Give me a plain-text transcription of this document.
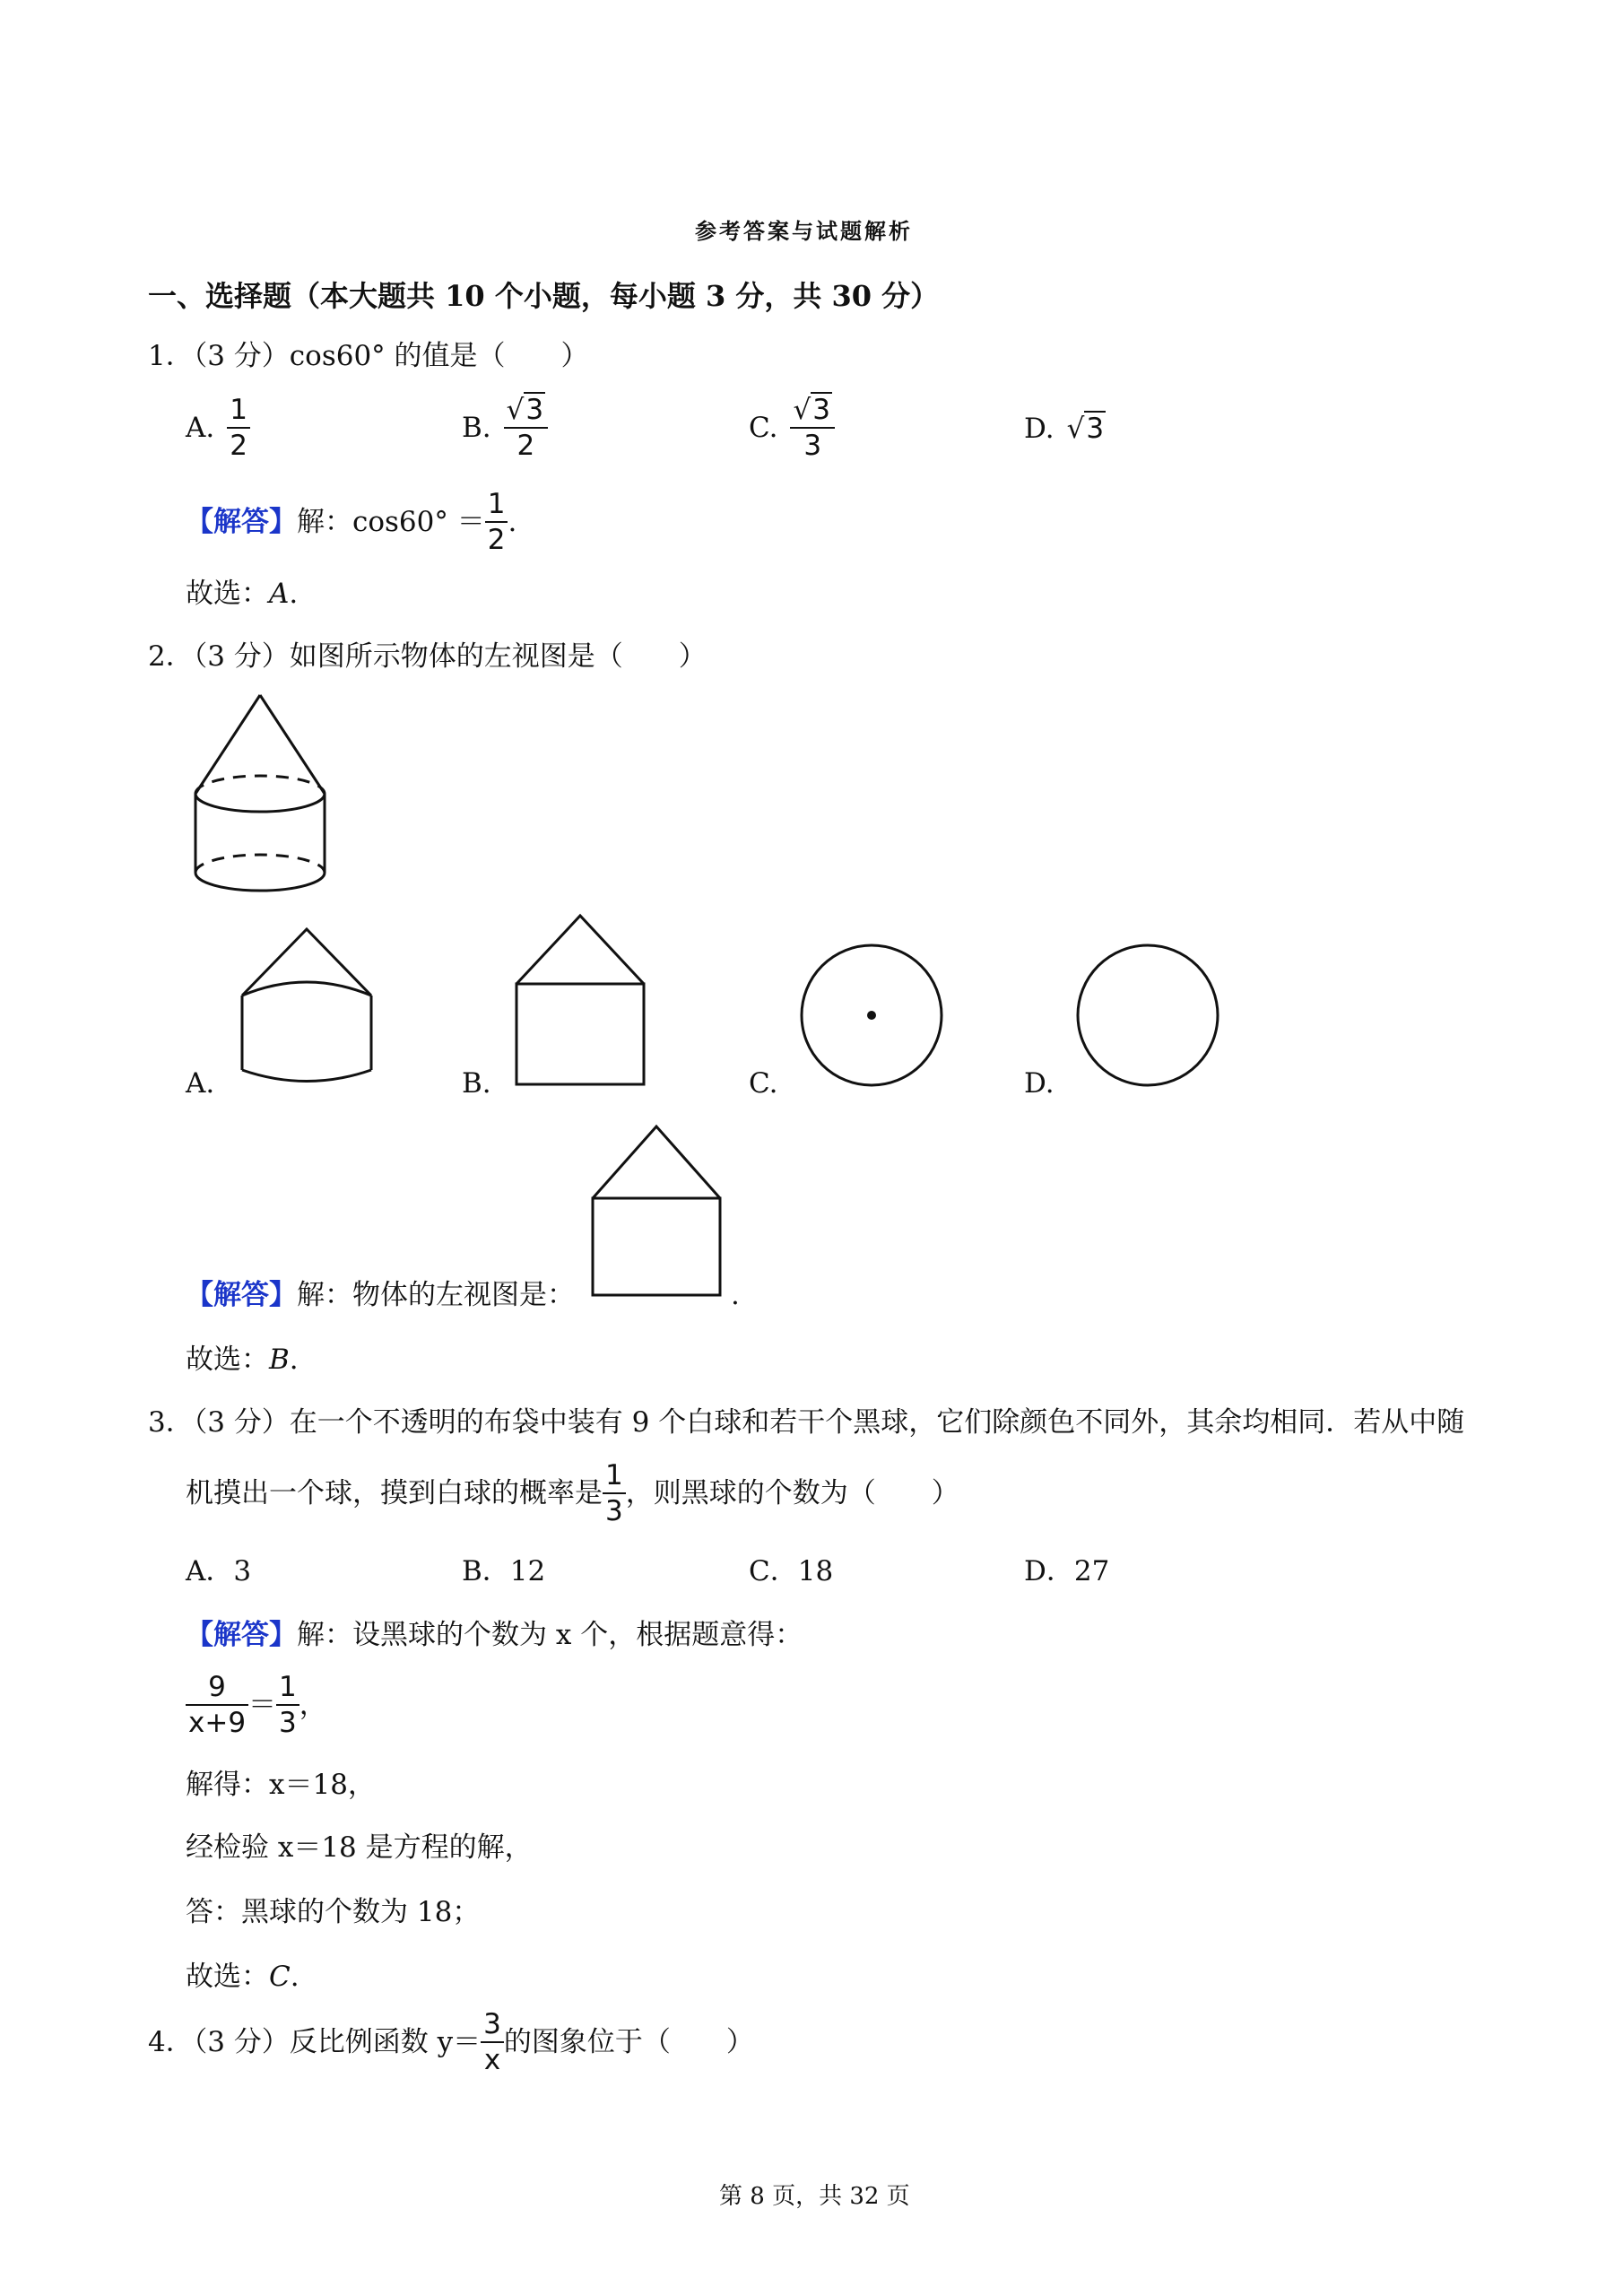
参考答案与试题解析
一、选择题（本大题共 10 个小题，每小题 3 分，共 30 分）
1．（3 分）cos60° 的值是（　　）
A. $\frac{1}{2}$	B. $\frac{√3}{2}$	C. $\frac{√3}{3}$	D. √3
【解答】 解：$\cos 60^\circ = \frac{1}{2}$ .
故选：A.
2．（3 分）如图所示物体的左视图是（　　）
A.	B.	C.	D.
【解答】解：物体的左视图是：	.
故选：B.
3．（3 分）在一个不透明的布袋中装有 9 个白球和若干个黑球，它们除颜色不同外，其余均相同．若从中随
机摸出一个球，摸到白球的概率是 $\frac{1}{3}$ ，则黑球的个数为（　　）
A．3	B．12	C．18	D．27
【解答】解：设黑球的个数为 x 个，根据题意得：
$\frac{9}{x+9} = \frac{1}{3}$ ，
解得：x＝18，
经检验 x＝18 是方程的解，
答：黑球的个数为 18；
故选：C.
4．（3 分）反比例函数 $y= \frac{3}{x}$ 的图象位于（　　）
第 8 页，共 32 页
